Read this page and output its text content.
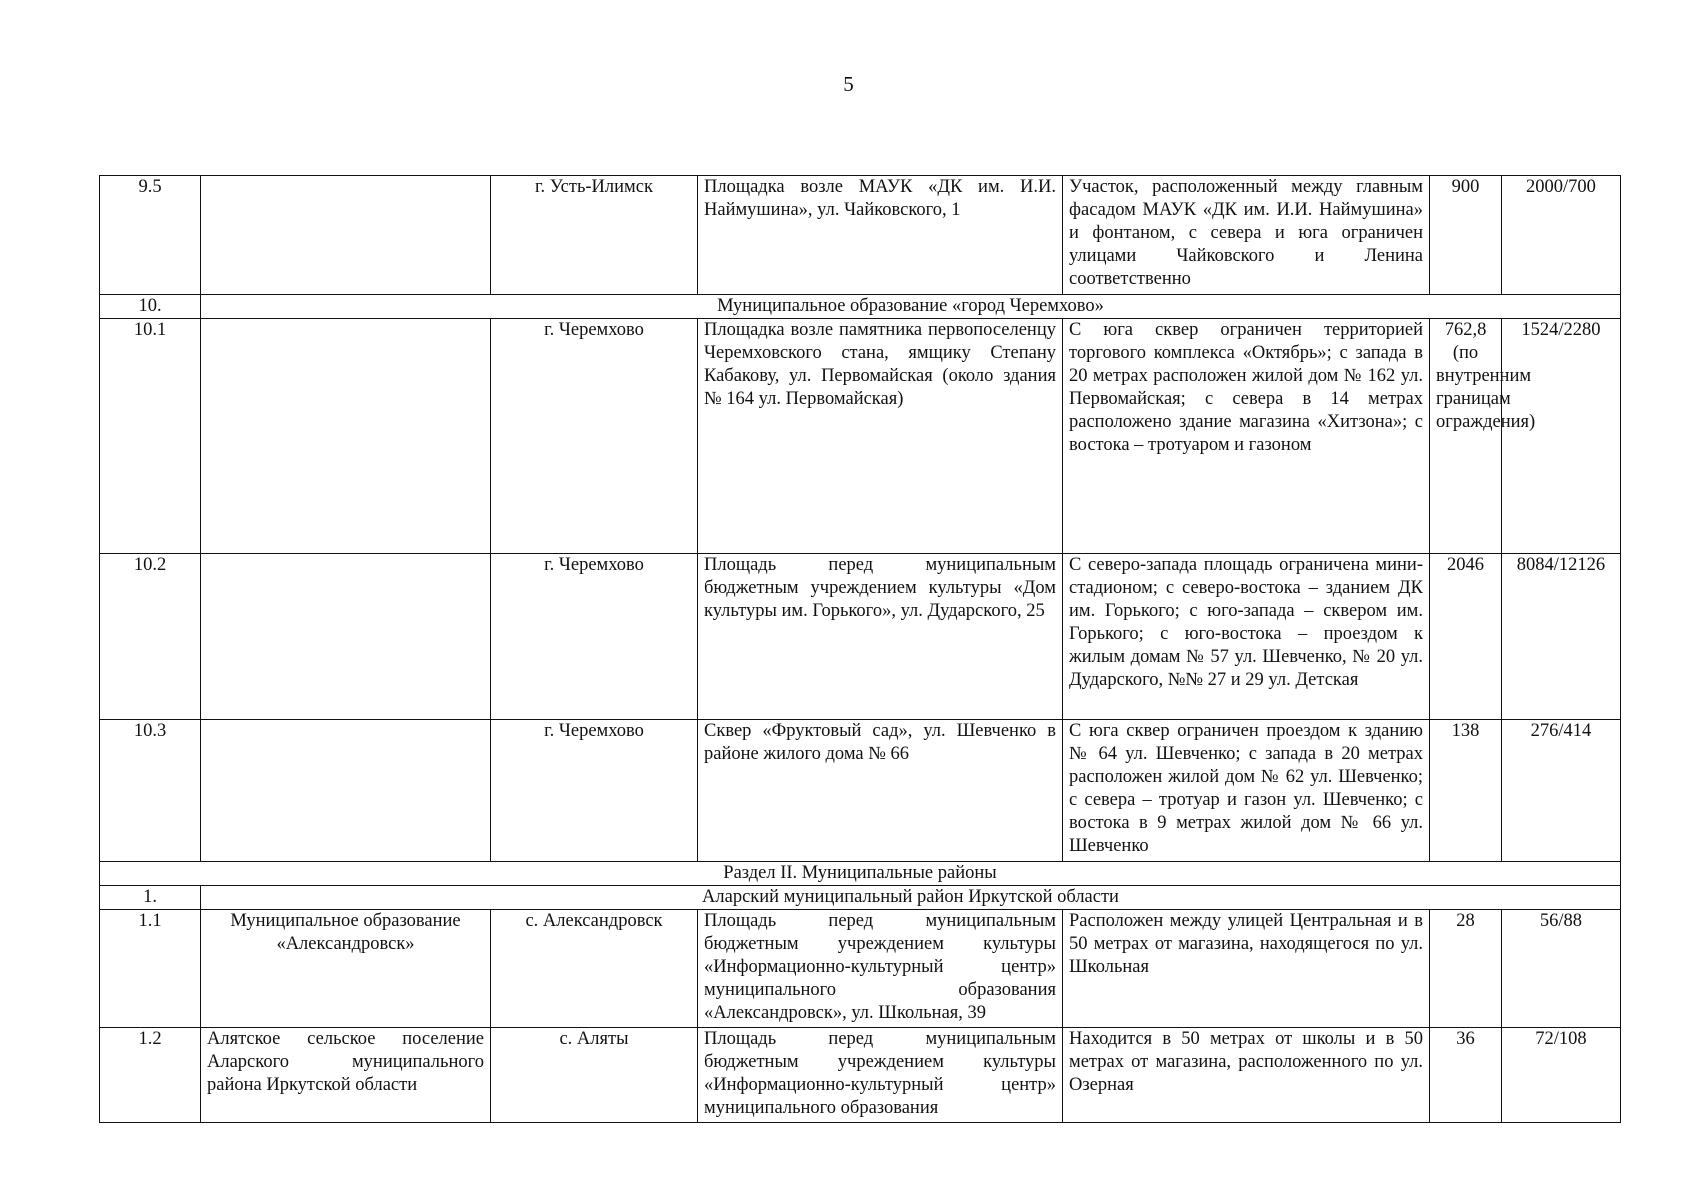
5
9.5		г. Усть-Илимск	Площадка возле МАУК «ДК им. И.И. Наймушина», ул. Чайковского, 1	Участок, расположенный между главным фасадом МАУК «ДК им. И.И. Наймушина» и фонтаном, с севера и юга ограничен улицами Чайковского и Ленина соответственно	900	2000/700
10.	Муниципальное образование «город Черемхово»					
10.1		г. Черемхово	Площадка возле памятника первопоселенцу Черемховского стана, ямщику Степану Кабакову, ул. Первомайская (около здания № 164 ул. Первомайская)	С юга сквер ограничен территорией торгового комплекса «Октябрь»; с запада в 20 метрах расположен жилой дом № 162 ул. Первомайская; с севера в 14 метрах расположено здание магазина «Хитзона»; с востока – тротуаром и газоном	762,8 (по внутренним границам ограждения)	1524/2280
10.2		г. Черемхово	Площадь перед муниципальным бюджетным учреждением культуры «Дом культуры им. Горького», ул. Дударского, 25	С северо-запада площадь ограничена мини-стадионом; с северо-востока – зданием ДК им. Горького; с юго-запада – сквером им. Горького; с юго-востока – проездом к жилым домам № 57 ул. Шевченко, № 20 ул. Дударского, №№ 27 и 29 ул. Детская	2046	8084/12126
10.3		г. Черемхово	Сквер «Фруктовый сад», ул. Шевченко в районе жилого дома № 66	С юга сквер ограничен проездом к зданию № 64 ул. Шевченко; с запада в 20 метрах расположен жилой дом № 62 ул. Шевченко; с севера – тротуар и газон ул. Шевченко; с востока в 9 метрах жилой дом № 66 ул. Шевченко	138	276/414
Раздел II. Муниципальные районы						
1.	Аларский муниципальный район Иркутской области					
1.1	Муниципальное образование «Александровск»	с. Александровск	Площадь перед муниципальным бюджетным учреждением культуры «Информационно-культурный центр» муниципального образования «Александровск», ул. Школьная, 39	Расположен между улицей Центральная и в 50 метрах от магазина, находящегося по ул. Школьная	28	56/88
1.2	Алятское сельское поселение Аларского муниципального района Иркутской области	с. Аляты	Площадь перед муниципальным бюджетным учреждением культуры «Информационно-культурный центр» муниципального образования	Находится в 50 метрах от школы и в 50 метрах от магазина, расположенного по ул. Озерная	36	72/108
